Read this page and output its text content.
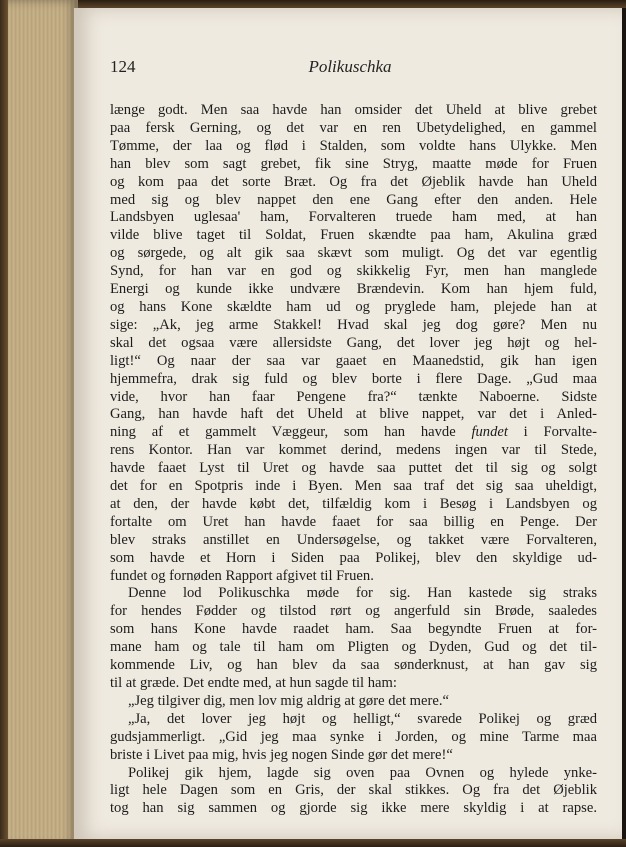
124	Polikuschka
længe godt. Men saa havde han omsider det Uheld at blive grebet
paa fersk Gerning, og det var en ren Ubetydelighed, en gammel
Tømme, der laa og flød i Stalden, som voldte hans Ulykke. Men
han blev som sagt grebet, fik sine Stryg, maatte møde for Fruen
og kom paa det sorte Bræt. Og fra det Øjeblik havde han Uheld
med sig og blev nappet den ene Gang efter den anden. Hele
Landsbyen uglesaa' ham, Forvalteren truede ham med, at han
vilde blive taget til Soldat, Fruen skændte paa ham, Akulina græd
og sørgede, og alt gik saa skævt som muligt. Og det var egentlig
Synd, for han var en god og skikkelig Fyr, men han manglede
Energi og kunde ikke undvære Brændevin. Kom han hjem fuld,
og hans Kone skældte ham ud og pryglede ham, plejede han at
sige: „Ak, jeg arme Stakkel! Hvad skal jeg dog gøre? Men nu
skal det ogsaa være allersidste Gang, det lover jeg højt og hel-
ligt!“ Og naar der saa var gaaet en Maanedstid, gik han igen
hjemmefra, drak sig fuld og blev borte i flere Dage. „Gud maa
vide, hvor han faar Pengene fra?“ tænkte Naboerne. Sidste
Gang, han havde haft det Uheld at blive nappet, var det i Anled-
ning af et gammelt Væggeur, som han havde fundet i Forvalte-
rens Kontor. Han var kommet derind, medens ingen var til Stede,
havde faaet Lyst til Uret og havde saa puttet det til sig og solgt
det for en Spotpris inde i Byen. Men saa traf det sig saa uheldigt,
at den, der havde købt det, tilfældig kom i Besøg i Landsbyen og
fortalte om Uret han havde faaet for saa billig en Penge. Der
blev straks anstillet en Undersøgelse, og takket være Forvalteren,
som havde et Horn i Siden paa Polikej, blev den skyldige ud-
fundet og fornøden Rapport afgivet til Fruen.
Denne lod Polikuschka møde for sig. Han kastede sig straks
for hendes Fødder og tilstod rørt og angerfuld sin Brøde, saaledes
som hans Kone havde raadet ham. Saa begyndte Fruen at for-
mane ham og tale til ham om Pligten og Dyden, Gud og det til-
kommende Liv, og han blev da saa sønderknust, at han gav sig
til at græde. Det endte med, at hun sagde til ham:
„Jeg tilgiver dig, men lov mig aldrig at gøre det mere.“
„Ja, det lover jeg højt og helligt,“ svarede Polikej og græd
gudsjammerligt. „Gid jeg maa synke i Jorden, og mine Tarme maa
briste i Livet paa mig, hvis jeg nogen Sinde gør det mere!“
Polikej gik hjem, lagde sig oven paa Ovnen og hylede ynke-
ligt hele Dagen som en Gris, der skal stikkes. Og fra det Øjeblik
tog han sig sammen og gjorde sig ikke mere skyldig i at rapse.
